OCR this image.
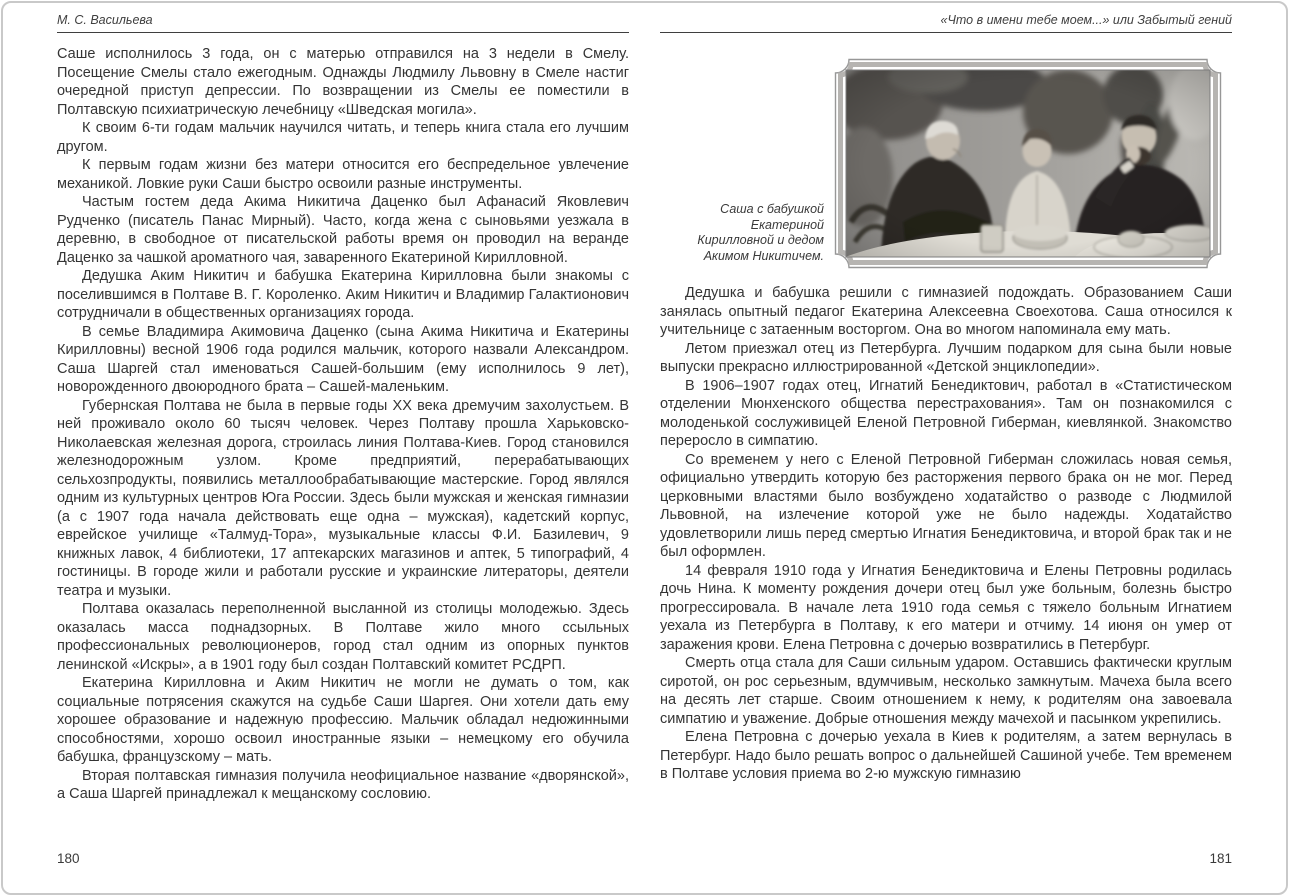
М. С. Васильева

Саше исполнилось 3 года, он с матерью отправился на 3 недели в Смелу. Посещение Смелы стало ежегодным. Однажды Людмилу Львовну в Смеле настиг очередной приступ депрессии. По возвращении из Смелы ее поместили в Полтавскую психиатрическую лечебницу «Шведская могила».

К своим 6-ти годам мальчик научился читать, и теперь книга стала его лучшим другом.

К первым годам жизни без матери относится его беспредельное увлечение механикой. Ловкие руки Саши быстро освоили разные инструменты.

Частым гостем деда Акима Никитича Даценко был Афанасий Яковлевич Рудченко (писатель Панас Мирный). Часто, когда жена с сыновьями уезжала в деревню, в свободное от писательской работы время он проводил на веранде Даценко за чашкой ароматного чая, заваренного Екатериной Кирилловной.

Дедушка Аким Никитич и бабушка Екатерина Кирилловна были знакомы с поселившимся в Полтаве В. Г. Короленко. Аким Никитич и Владимир Галактионович сотрудничали в общественных организациях города.

В семье Владимира Акимовича Даценко (сына Акима Никитича и Екатерины Кирилловны) весной 1906 года родился мальчик, которого назвали Александром. Саша Шаргей стал именоваться Сашей-большим (ему исполнилось 9 лет), новорожденного двоюродного брата – Сашей-маленьким.

Губернская Полтава не была в первые годы XX века дремучим захолустьем. В ней проживало около 60 тысяч человек. Через Полтаву прошла Харьковско-Николаевская железная дорога, строилась линия Полтава-Киев. Город становился железнодорожным узлом. Кроме предприятий, перерабатывающих сельхозпродукты, появились металлообрабатывающие мастерские. Город являлся одним из культурных центров Юга России. Здесь были мужская и женская гимназии (а с 1907 года начала действовать еще одна – мужская), кадетский корпус, еврейское училище «Талмуд-Тора», музыкальные классы Ф.И. Базилевич, 9 книжных лавок, 4 библиотеки, 17 аптекарских магазинов и аптек, 5 типографий, 4 гостиницы. В городе жили и работали русские и украинские литераторы, деятели театра и музыки.

Полтава оказалась переполненной высланной из столицы молодежью. Здесь оказалась масса поднадзорных. В Полтаве жило много ссыльных профессиональных революционеров, город стал одним из опорных пунктов ленинской «Искры», а в 1901 году был создан Полтавский комитет РСДРП.

Екатерина Кирилловна и Аким Никитич не могли не думать о том, как социальные потрясения скажутся на судьбе Саши Шаргея. Они хотели дать ему хорошее образование и надежную профессию. Мальчик обладал недюжинными способностями, хорошо освоил иностранные языки – немецкому его обучила бабушка, французскому – мать.

Вторая полтавская гимназия получила неофициальное название «дворянской», а Саша Шаргей принадлежал к мещанскому сословию.

180
«Что в имени тебе моем...» или Забытый гений
Саша с бабушкой Екатериной Кирилловной и дедом Акимом Никитичем.

Дедушка и бабушка решили с гимназией подождать. Образованием Саши занялась опытный педагог Екатерина Алексеевна Своехотова. Саша относился к учительнице с затаенным восторгом. Она во многом напоминала ему мать.

Летом приезжал отец из Петербурга. Лучшим подарком для сына были новые выпуски прекрасно иллюстрированной «Детской энциклопедии».

В 1906–1907 годах отец, Игнатий Бенедиктович, работал в «Статистическом отделении Мюнхенского общества перестрахования». Там он познакомился с молоденькой сослуживицей Еленой Петровной Гиберман, киевлянкой. Знакомство переросло в симпатию.

Со временем у него с Еленой Петровной Гиберман сложилась новая семья, официально утвердить которую без расторжения первого брака он не мог. Перед церковными властями было возбуждено ходатайство о разводе с Людмилой Львовной, на излечение которой уже не было надежды. Ходатайство удовлетворили лишь перед смертью Игнатия Бенедиктовича, и второй брак так и не был оформлен.

14 февраля 1910 года у Игнатия Бенедиктовича и Елены Петровны родилась дочь Нина. К моменту рождения дочери отец был уже больным, болезнь быстро прогрессировала. В начале лета 1910 года семья с тяжело больным Игнатием уехала из Петербурга в Полтаву, к его матери и отчиму. 14 июня он умер от заражения крови. Елена Петровна с дочерью возвратились в Петербург.

Смерть отца стала для Саши сильным ударом. Оставшись фактически круглым сиротой, он рос серьезным, вдумчивым, несколько замкнутым. Мачеха была всего на десять лет старше. Своим отношением к нему, к родителям она завоевала симпатию и уважение. Добрые отношения между мачехой и пасынком укрепились.

Елена Петровна с дочерью уехала в Киев к родителям, а затем вернулась в Петербург. Надо было решать вопрос о дальнейшей Сашиной учебе. Тем временем в Полтаве условия приема во 2-ю мужскую гимназию

181
